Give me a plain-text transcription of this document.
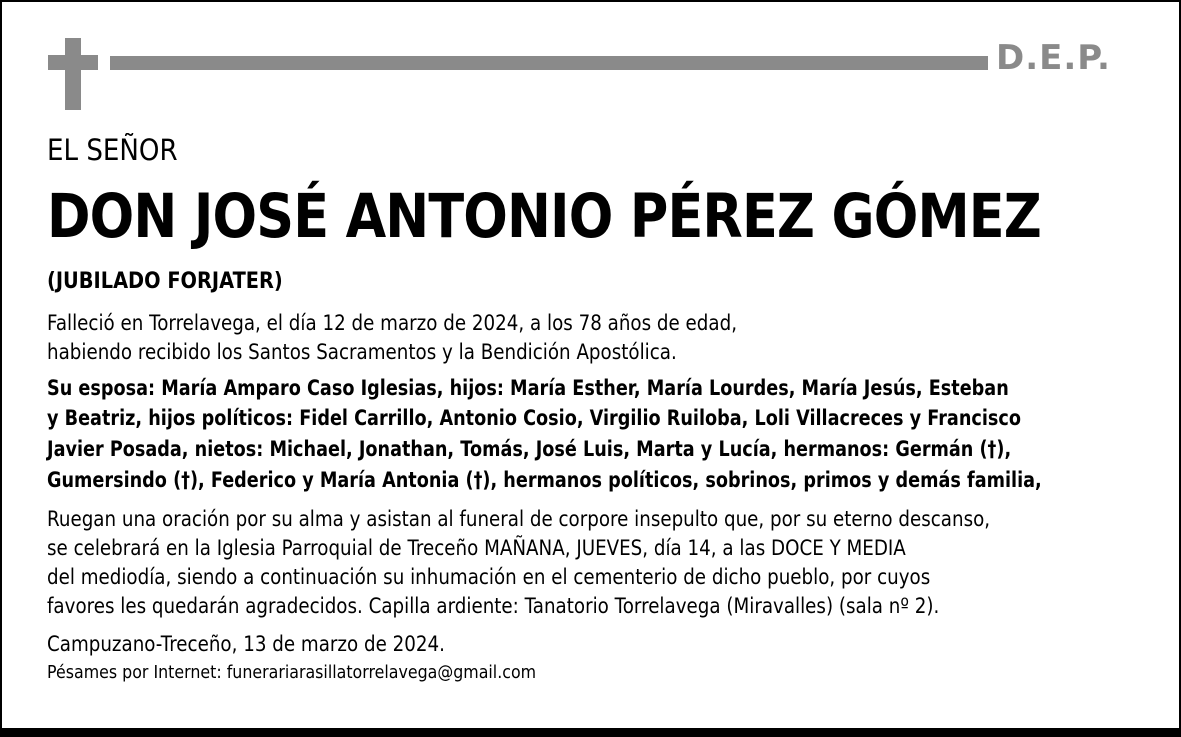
D.E.P.
EL SEÑOR
DON JOSÉ ANTONIO PÉREZ GÓMEZ
(JUBILADO FORJATER)
Falleció en Torrelavega, el día 12 de marzo de 2024, a los 78 años de edad,
habiendo recibido los Santos Sacramentos y la Bendición Apostólica.
Su esposa: María Amparo Caso Iglesias, hijos: María Esther, María Lourdes, María Jesús, Esteban
y Beatriz, hijos políticos: Fidel Carrillo, Antonio Cosio, Virgilio Ruiloba, Loli Villacreces y Francisco
Javier Posada, nietos: Michael, Jonathan, Tomás, José Luis, Marta y Lucía, hermanos: Germán (†),
Gumersindo (†), Federico y María Antonia (†), hermanos políticos, sobrinos, primos y demás familia,
Ruegan una oración por su alma y asistan al funeral de corpore insepulto que, por su eterno descanso,
se celebrará en la Iglesia Parroquial de Treceño MAÑANA, JUEVES, día 14, a las DOCE Y MEDIA
del mediodía, siendo a continuación su inhumación en el cementerio de dicho pueblo, por cuyos
favores les quedarán agradecidos. Capilla ardiente: Tanatorio Torrelavega (Miravalles) (sala nº 2).
Campuzano-Treceño, 13 de marzo de 2024.
Pésames por Internet: funerariarasillatorrelavega@gmail.com
